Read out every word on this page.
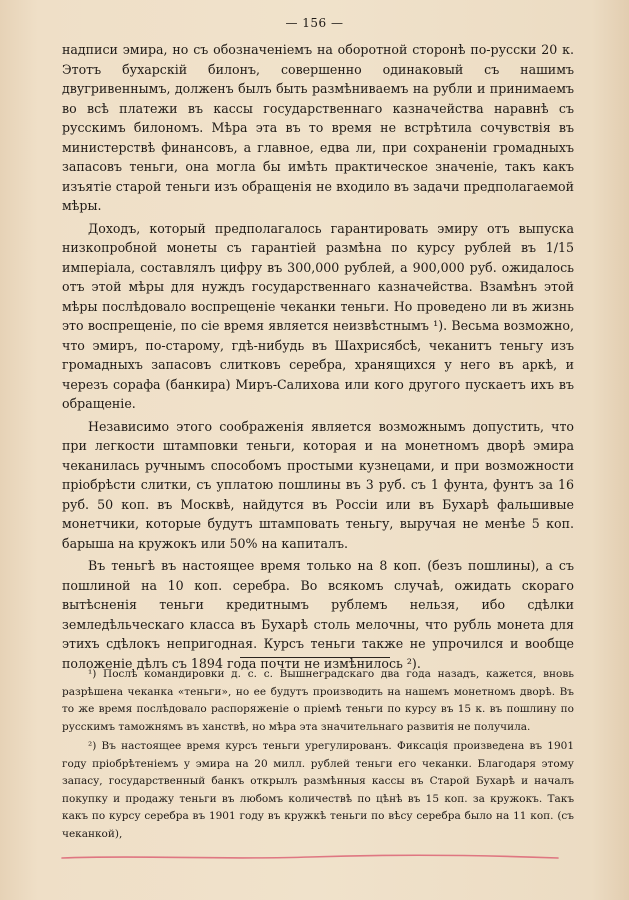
— 156 —

надписи эмира, но съ обозначеніемъ на оборотной сторонѣ по-русски 20 к. Этотъ бухарскій билонъ, совершенно одинаковый съ нашимъ двугривеннымъ, долженъ былъ быть размѣниваемъ на рубли и принимаемъ во всѣ платежи въ кассы государственнаго казначейства наравнѣ съ русскимъ билономъ. Мѣра эта въ то время не встрѣтила сочувствія въ министерствѣ финансовъ, а главное, едва ли, при сохраненіи громадныхъ запасовъ теньги, она могла бы имѣть практическое значеніе, такъ какъ изъятіе старой теньги изъ обращенія не входило въ задачи предполагаемой мѣры.

Доходъ, который предполагалось гарантировать эмиру отъ выпуска низкопробной монеты съ гарантіей размѣна по курсу рублей въ 1/15 имперіала, составлялъ цифру въ 300,000 рублей, а 900,000 руб. ожидалось отъ этой мѣры для нуждъ государственнаго казначейства. Взамѣнъ этой мѣры послѣдовало воспрещеніе чеканки теньги. Но проведено ли въ жизнь это воспрещеніе, по сіе время является неизвѣстнымъ ¹). Весьма возможно, что эмиръ, по-старому, гдѣ-нибудь въ Шахрисябсѣ, чеканитъ теньгу изъ громадныхъ запасовъ слитковъ серебра, хранящихся у него въ аркѣ, и черезъ сорафа (банкира) Миръ-Салихова или кого другого пускаетъ ихъ въ обращеніе.

Независимо этого соображенія является возможнымъ допустить, что при легкости штамповки теньги, которая и на монетномъ дворѣ эмира чеканилась ручнымъ способомъ простыми кузнецами, и при возможности пріобрѣсти слитки, съ уплатою пошлины въ 3 руб. съ 1 фунта, фунтъ за 16 руб. 50 коп. въ Москвѣ, найдутся въ Россіи или въ Бухарѣ фальшивые монетчики, которые будутъ штамповать теньгу, выручая не менѣе 5 коп. барыша на кружокъ или 50% на капиталъ.

Въ теньгѣ въ настоящее время только на 8 коп. (безъ пошлины), а съ пошлиной на 10 коп. серебра. Во всякомъ случаѣ, ожидать скораго вытѣсненія теньги кредитнымъ рублемъ нельзя, ибо сдѣлки земледѣльческаго класса въ Бухарѣ столь мелочны, что рубль монета для этихъ сдѣлокъ непригодная. Курсъ теньги также не упрочился и вообще положеніе дѣлъ съ 1894 года почти не измѣнилось ²).

¹) Послѣ командировки д. с. с. Вышнеградскаго два года назадъ, кажется, вновь разрѣшена чеканка «теньги», но ее будутъ производить на нашемъ монетномъ дворѣ. Въ то же время послѣдовало распоряженіе о пріемѣ теньги по курсу въ 15 к. въ пошлину по русскимъ таможнямъ въ ханствѣ, но мѣра эта значительнаго развитія не получила.

²) Въ настоящее время курсъ теньги урегулированъ. Фиксація произведена въ 1901 году пріобрѣтеніемъ у эмира на 20 милл. рублей теньги его чеканки. Благодаря этому запасу, государственный банкъ открылъ размѣнныя кассы въ Старой Бухарѣ и началъ покупку и продажу теньги въ любомъ количествѣ по цѣнѣ въ 15 коп. за кружокъ. Такъ какъ по курсу серебра въ 1901 году въ кружкѣ теньги по вѣсу серебра было на 11 коп. (съ чеканкой),
